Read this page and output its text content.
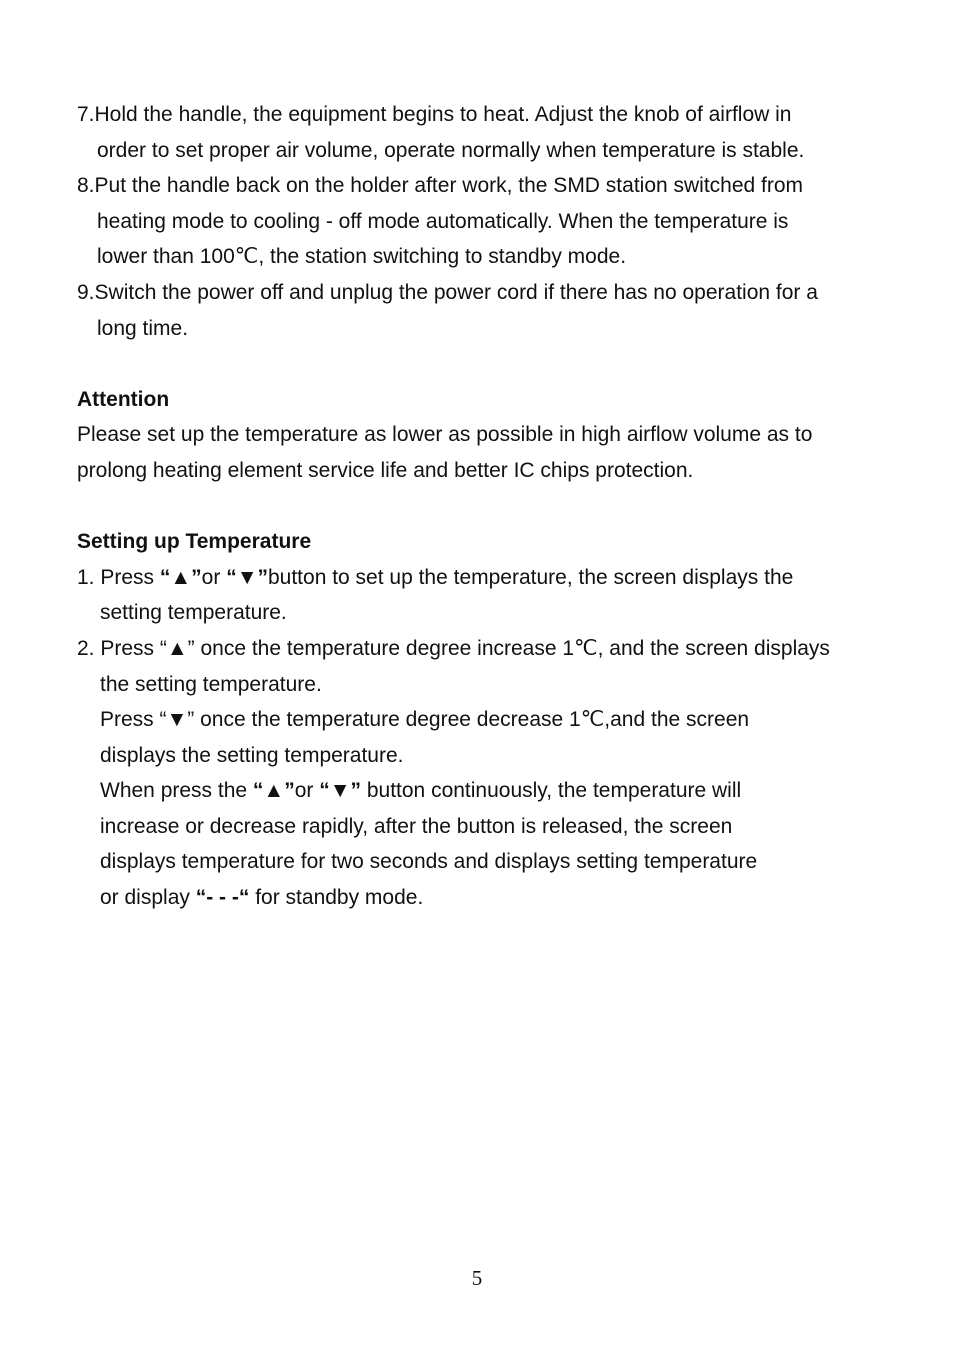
7.Hold the handle, the equipment begins to heat. Adjust the knob of airflow in
order to set proper air volume, operate normally when temperature is stable.
8.Put the handle back on the holder after work, the SMD station switched from
heating mode to cooling - off mode automatically. When the temperature is
lower than 100℃, the station switching to standby mode.
9.Switch the power off and unplug the power cord if there has no operation for a
long time.
Attention
Please set up the temperature as lower as possible in high airflow volume as to
prolong heating element service life and better IC chips protection.
Setting up Temperature
1. Press “▲”or “▼”button to set up the temperature, the screen displays the
setting temperature.
2. Press “▲” once the temperature degree increase 1℃, and the screen displays
the setting temperature.
Press “▼” once the temperature degree decrease 1℃,and the screen
displays the setting temperature.
When press the “▲”or “▼” button continuously, the temperature will
increase or decrease rapidly, after the button is released, the screen
displays temperature for two seconds and displays setting temperature
or display “- - -“ for standby mode.
5
